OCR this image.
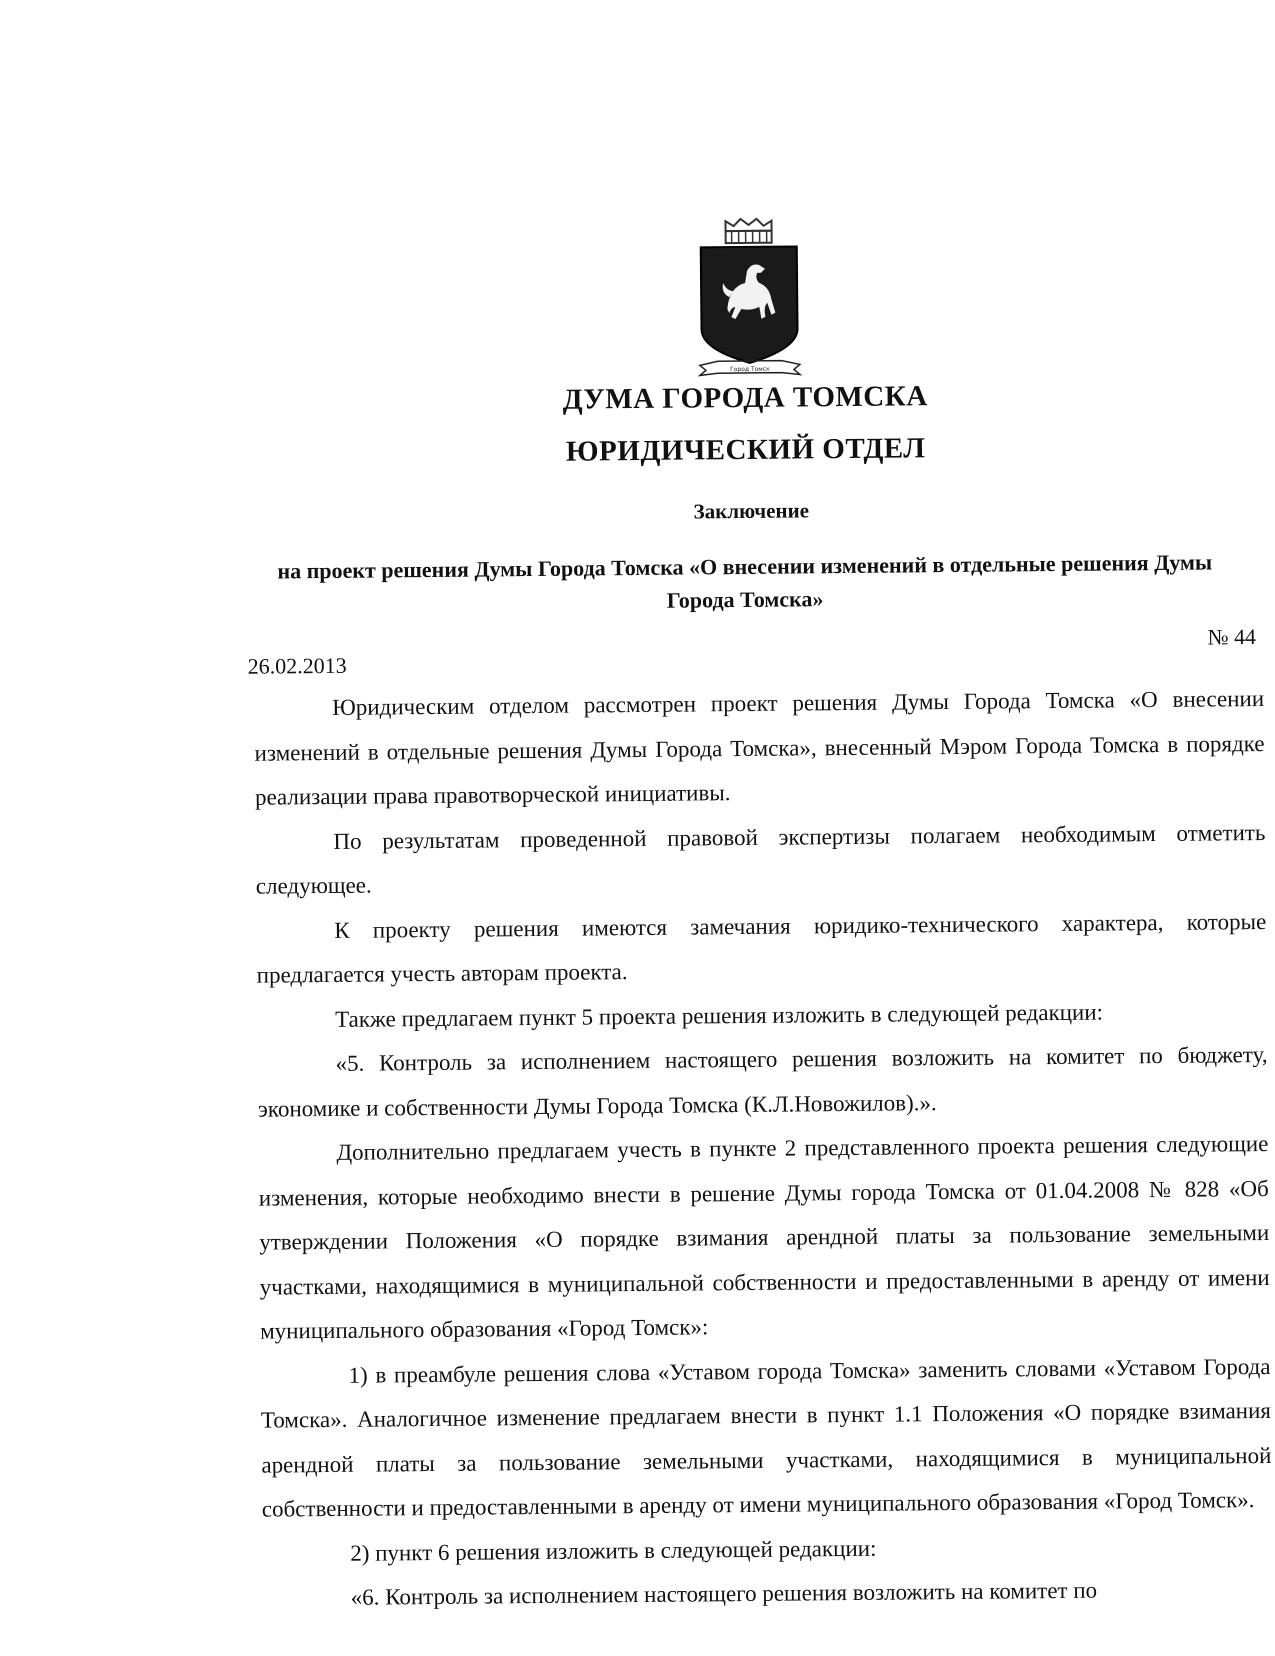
Город Томск
ДУМА ГОРОДА ТОМСКА
ЮРИДИЧЕСКИЙ ОТДЕЛ
Заключение
на проект решения Думы Города Томска «О внесении изменений в отдельные решения Думы Города Томска»
26.02.2013
№ 44

Юридическим отделом рассмотрен проект решения Думы Города Томска «О внесении изменений в отдельные решения Думы Города Томска», внесенный Мэром Города Томска в порядке реализации права правотворческой инициативы.

По результатам проведенной правовой экспертизы полагаем необходимым отметить следующее.

К проекту решения имеются замечания юридико-технического характера, которые предлагается учесть авторам проекта.

Также предлагаем пункт 5 проекта решения изложить в следующей редакции:

«5. Контроль за исполнением настоящего решения возложить на комитет по бюджету, экономике и собственности Думы Города Томска (К.Л.Новожилов).».

Дополнительно предлагаем учесть в пункте 2 представленного проекта решения следующие изменения, которые необходимо внести в решение Думы города Томска от 01.04.2008 № 828 «Об утверждении Положения «О порядке взимания арендной платы за пользование земельными участками, находящимися в муниципальной собственности и предоставленными в аренду от имени муниципального образования «Город Томск»:

1) в преамбуле решения слова «Уставом города Томска» заменить словами «Уставом Города Томска». Аналогичное изменение предлагаем внести в пункт 1.1 Положения «О порядке взимания арендной платы за пользование земельными участками, находящимися в муниципальной собственности и предоставленными в аренду от имени муниципального образования «Город Томск».

2) пункт 6 решения изложить в следующей редакции:

«6. Контроль за исполнением настоящего решения возложить на комитет по
